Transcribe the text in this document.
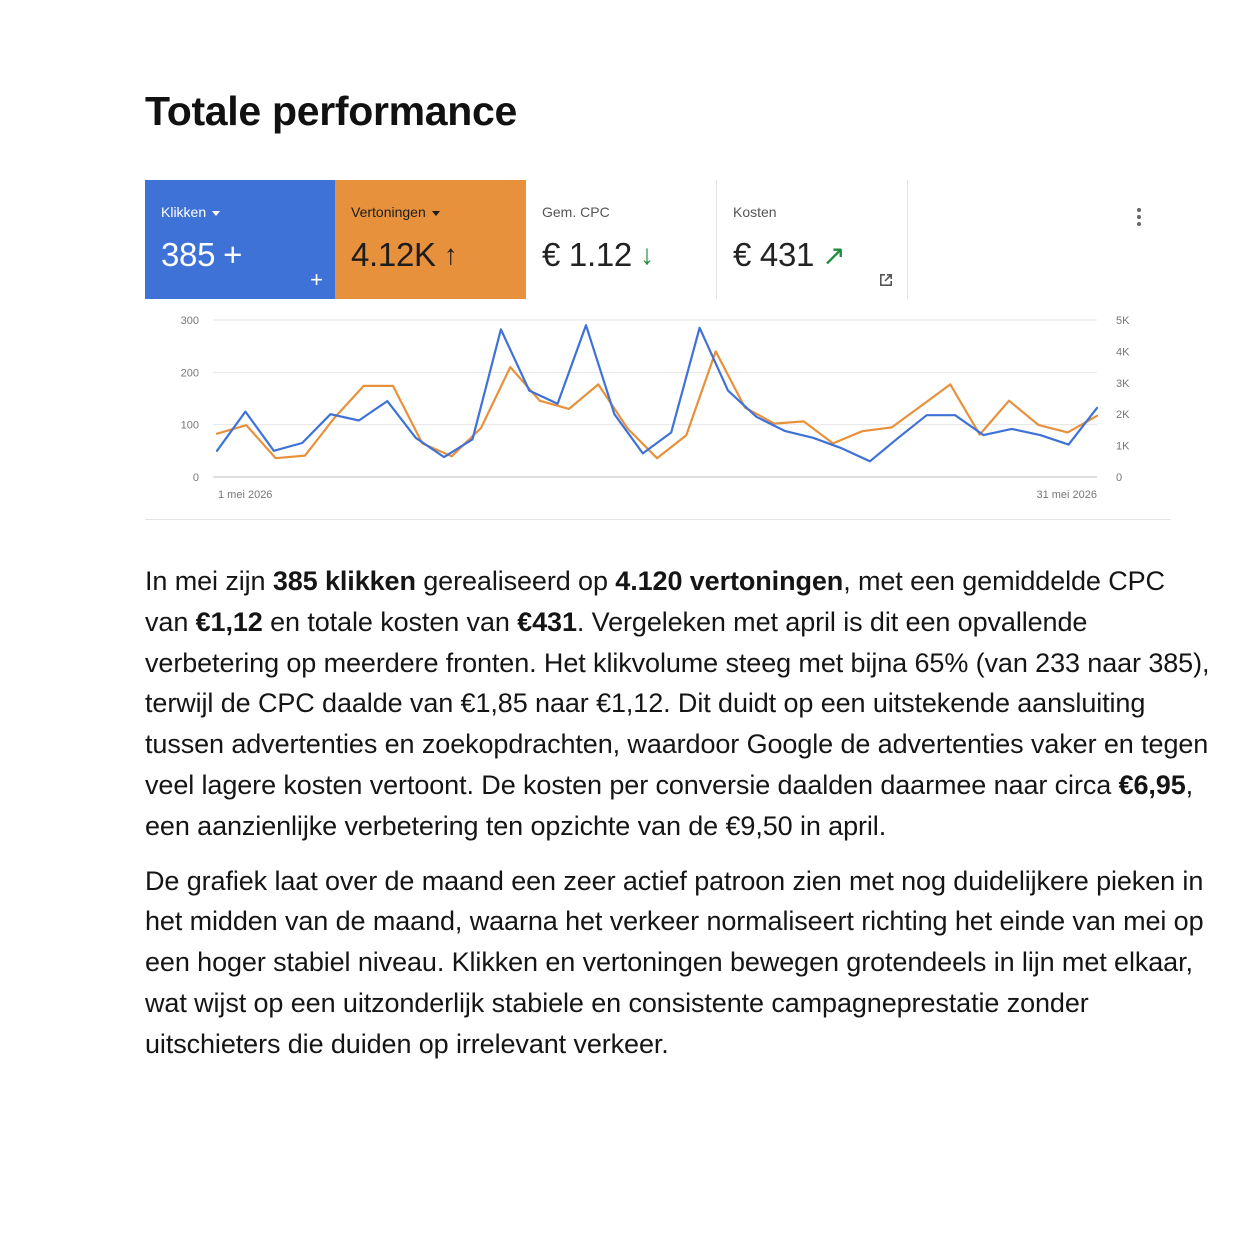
Totale performance
Klikken
385 +
+
Vertoningen
4.12K ↑
Gem. CPC
€ 1.12 ↓
Kosten
€ 431 ↗
0
100
200
300
0
1K
2K
3K
4K
5K
1 mei 2026	31 mei 2026

In mei zijn 385 klikken gerealiseerd op 4.120 vertoningen, met een gemiddelde CPC van €1,12 en totale kosten van €431. Vergeleken met april is dit een opvallende verbetering op meerdere fronten. Het klikvolume steeg met bijna 65% (van 233 naar 385), terwijl de CPC daalde van €1,85 naar €1,12. Dit duidt op een uitstekende aansluiting tussen advertenties en zoekopdrachten, waardoor Google de advertenties vaker en tegen veel lagere kosten vertoont. De kosten per conversie daalden daarmee naar circa €6,95, een aanzienlijke verbetering ten opzichte van de €9,50 in april.

De grafiek laat over de maand een zeer actief patroon zien met nog duidelijkere pieken in het midden van de maand, waarna het verkeer normaliseert richting het einde van mei op een hoger stabiel niveau. Klikken en vertoningen bewegen grotendeels in lijn met elkaar, wat wijst op een uitzonderlijk stabiele en consistente campagneprestatie zonder uitschieters die duiden op irrelevant verkeer.
